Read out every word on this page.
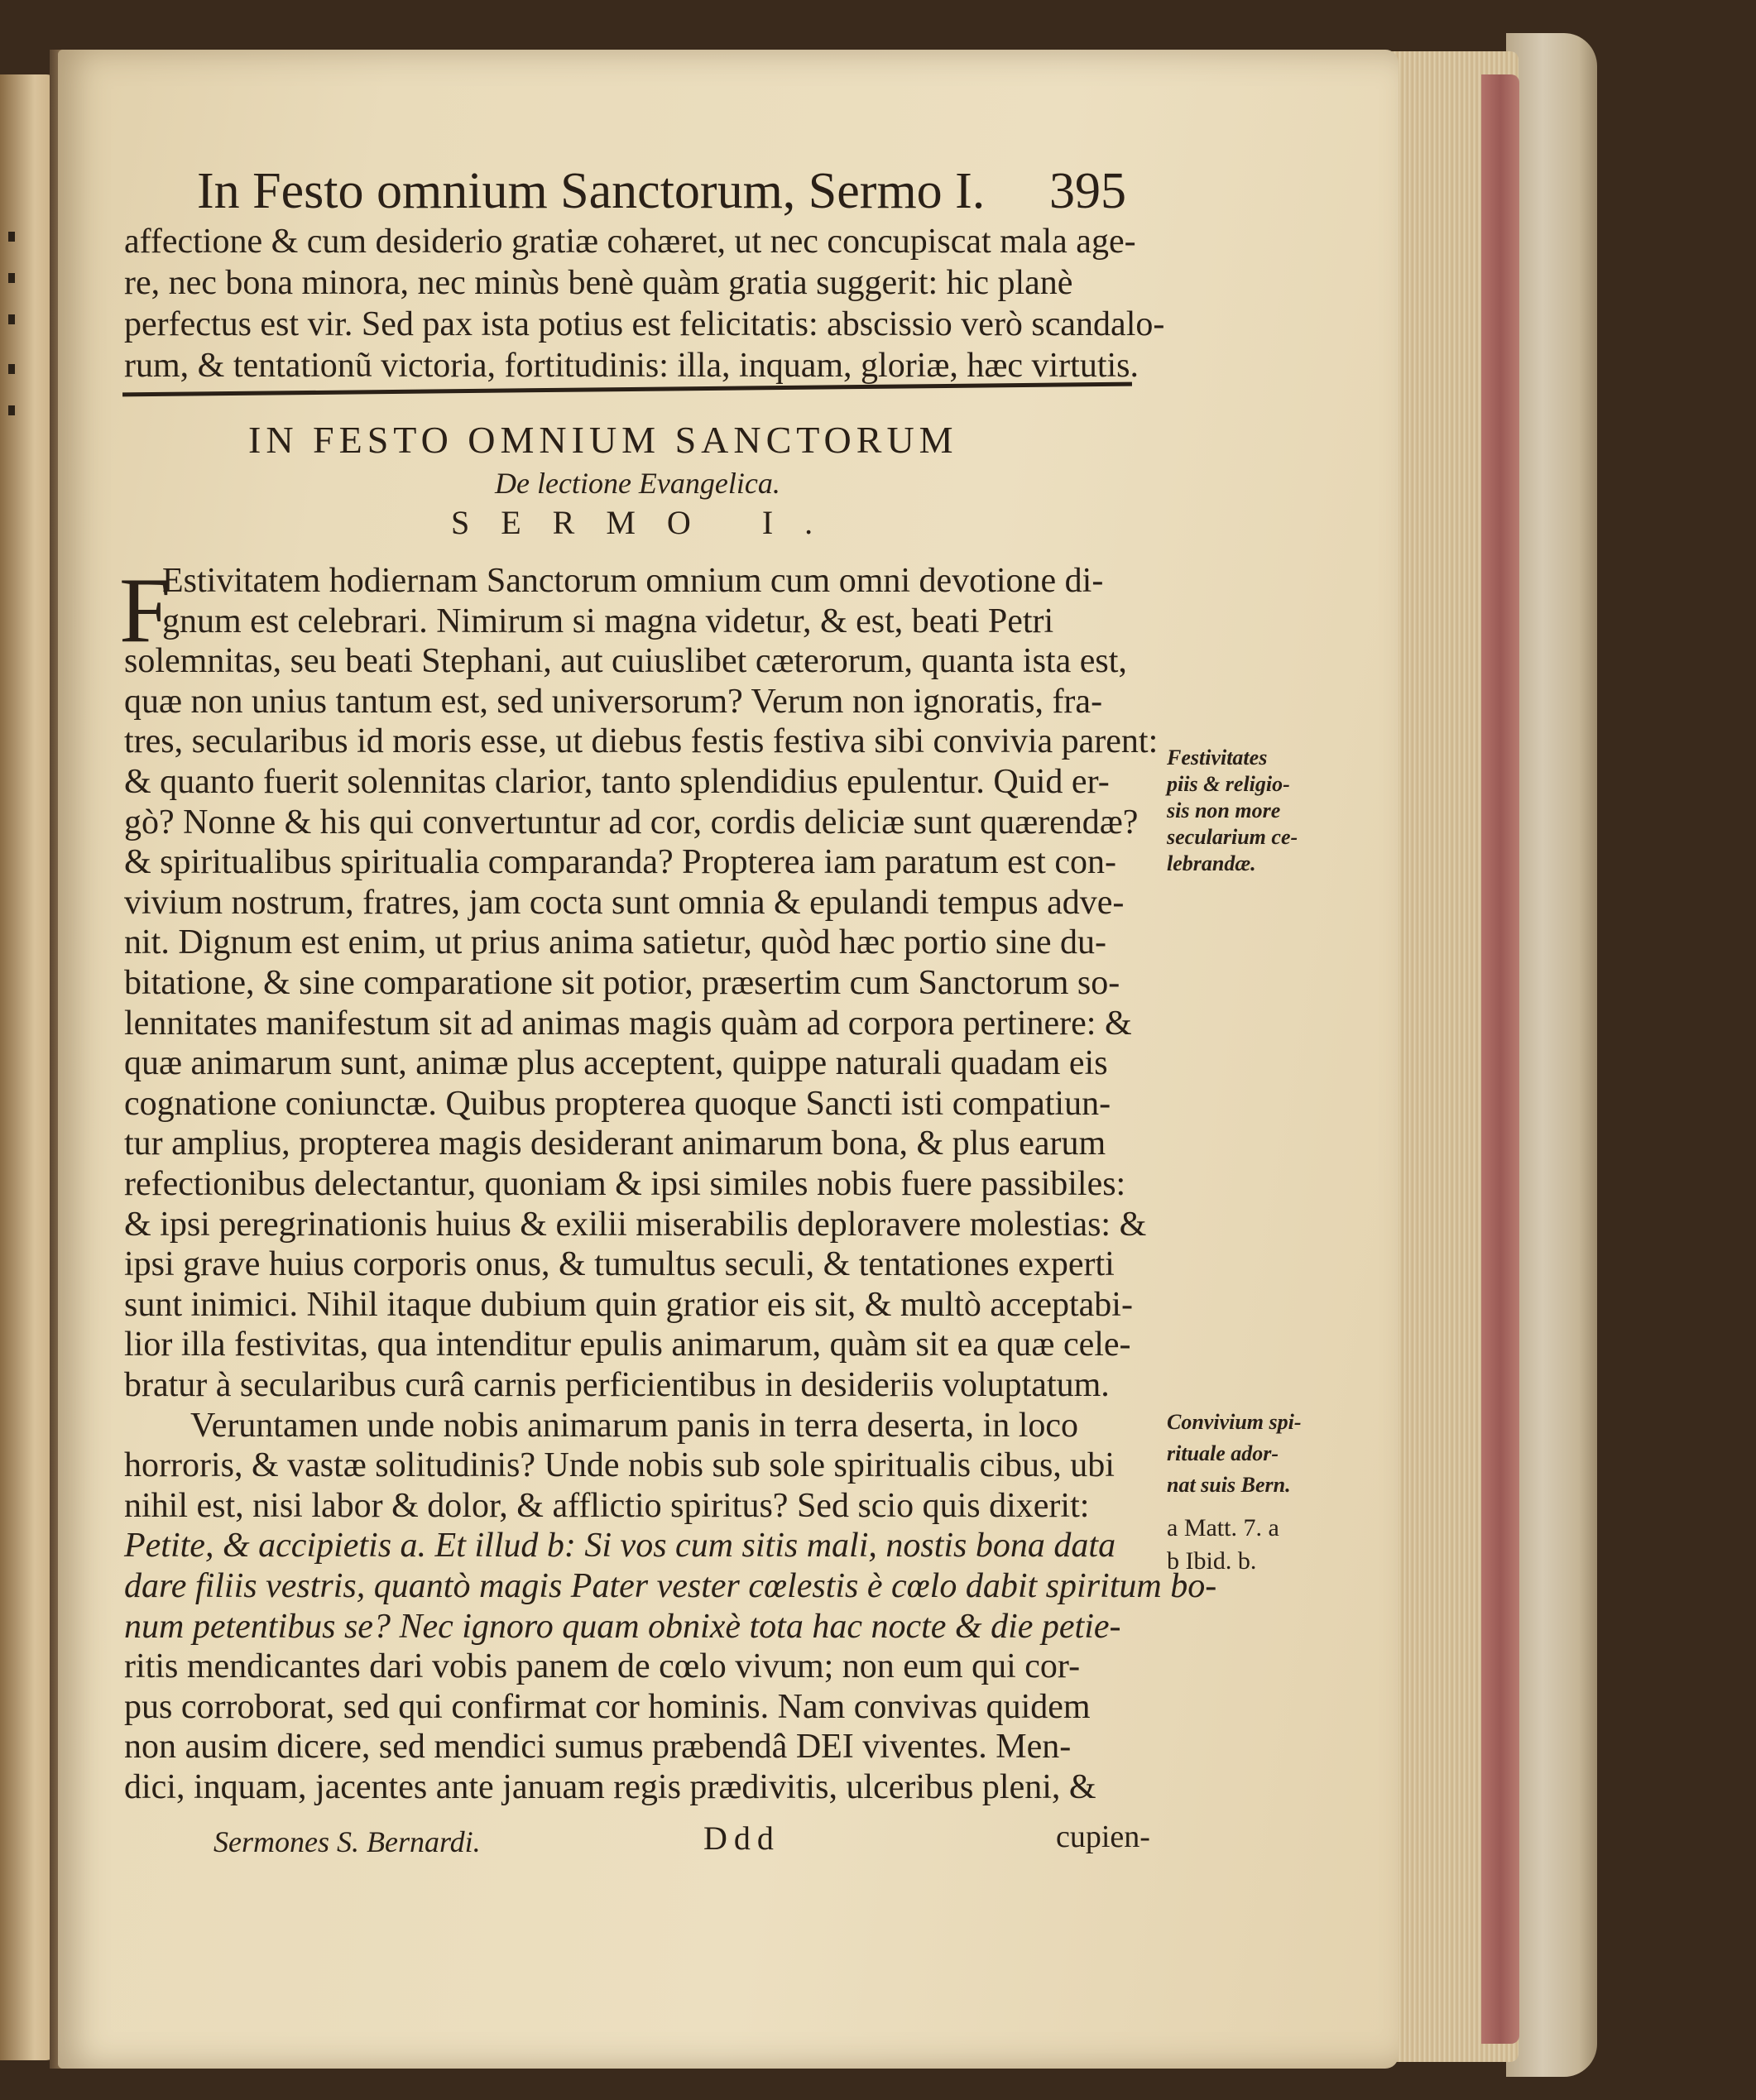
In Festo omnium Sanctorum, Sermo I. 395
affectione & cum desiderio gratiæ cohæret, ut nec concupiscat mala age-
re, nec bona minora, nec minùs benè quàm gratia suggerit: hic planè
perfectus est vir. Sed pax ista potius est felicitatis: abscissio verò scandalo-
rum, & tentationũ victoria, fortitudinis: illa, inquam, gloriæ, hæc virtutis.
IN FESTO OMNIUM SANCTORUM
De lectione Evangelica.
SERMO I.
F
Estivitatem hodiernam Sanctorum omnium cum omni devotione di-
gnum est celebrari. Nimirum si magna videtur, & est, beati Petri
solemnitas, seu beati Stephani, aut cuiuslibet cæterorum, quanta ista est,
quæ non unius tantum est, sed universorum? Verum non ignoratis, fra-
tres, secularibus id moris esse, ut diebus festis festiva sibi convivia parent:
& quanto fuerit solennitas clarior, tanto splendidius epulentur. Quid er-
gò? Nonne & his qui convertuntur ad cor, cordis deliciæ sunt quærendæ?
& spiritualibus spiritualia comparanda? Propterea iam paratum est con-
vivium nostrum, fratres, jam cocta sunt omnia & epulandi tempus adve-
nit. Dignum est enim, ut prius anima satietur, quòd hæc portio sine du-
bitatione, & sine comparatione sit potior, præsertim cum Sanctorum so-
lennitates manifestum sit ad animas magis quàm ad corpora pertinere: &
quæ animarum sunt, animæ plus acceptent, quippe naturali quadam eis
cognatione coniunctæ. Quibus propterea quoque Sancti isti compatiun-
tur amplius, propterea magis desiderant animarum bona, & plus earum
refectionibus delectantur, quoniam & ipsi similes nobis fuere passibiles:
& ipsi peregrinationis huius & exilii miserabilis deploravere molestias: &
ipsi grave huius corporis onus, & tumultus seculi, & tentationes experti
sunt inimici. Nihil itaque dubium quin gratior eis sit, & multò acceptabi-
lior illa festivitas, qua intenditur epulis animarum, quàm sit ea quæ cele-
bratur à secularibus curâ carnis perficientibus in desideriis voluptatum.
Veruntamen unde nobis animarum panis in terra deserta, in loco
horroris, & vastæ solitudinis? Unde nobis sub sole spiritualis cibus, ubi
nihil est, nisi labor & dolor, & afflictio spiritus? Sed scio quis dixerit:
Petite, & accipietis a. Et illud b: Si vos cum sitis mali, nostis bona data
dare filiis vestris, quantò magis Pater vester cœlestis è cœlo dabit spiritum bo-
num petentibus se? Nec ignoro quam obnixè tota hac nocte & die petie-
ritis mendicantes dari vobis panem de cœlo vivum; non eum qui cor-
pus corroborat, sed qui confirmat cor hominis. Nam convivas quidem
non ausim dicere, sed mendici sumus præbendâ DEI viventes. Men-
dici, inquam, jacentes ante januam regis prædivitis, ulceribus pleni, &
Festivitates
piis & religio-
sis non more
secularium ce-
lebrandæ.
Convivium spi-
rituale ador-
nat suis Bern.
a Matt. 7. a
b Ibid. b.
Sermones S. Bernardi.	Ddd	cupien-
